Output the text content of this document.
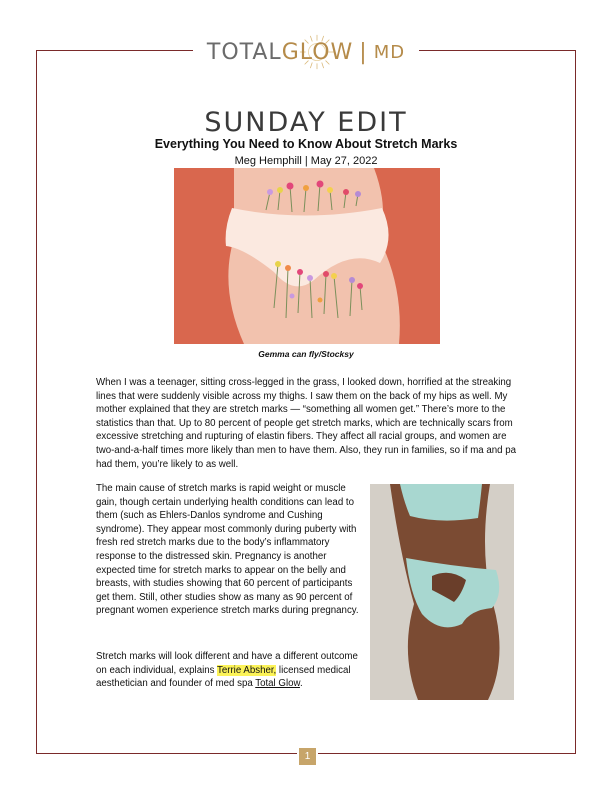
TOTAL GLOW | MD
SUNDAY EDIT
Everything You Need to Know About Stretch Marks
Meg Hemphill | May 27, 2022
Gemma can fly/Stocksy

When I was a teenager, sitting cross-legged in the grass, I looked down, horrified at the streaking lines that were suddenly visible across my thighs. I saw them on the back of my hips as well. My mother explained that they are stretch marks — “something all women get.” There’s more to the statistics than that. Up to 80 percent of people get stretch marks, which are technically scars from excessive stretching and rupturing of elastin fibers. They affect all racial groups, and women are two-and-a-half times more likely than men to have them. Also, they run in families, so if ma and pa had them, you’re likely to as well.

The main cause of stretch marks is rapid weight or muscle gain, though certain underlying health conditions can lead to them (such as Ehlers-Danlos syndrome and Cushing syndrome). They appear most commonly during puberty with fresh red stretch marks due to the body’s inflammatory response to the distressed skin. Pregnancy is another expected time for stretch marks to appear on the belly and breasts, with studies showing that 60 percent of participants get them. Still, other studies show as many as 90 percent of pregnant women experience stretch marks during pregnancy.

Stretch marks will look different and have a different outcome on each individual, explains Terrie Absher, licensed medical aesthetician and founder of med spa Total Glow.

1
